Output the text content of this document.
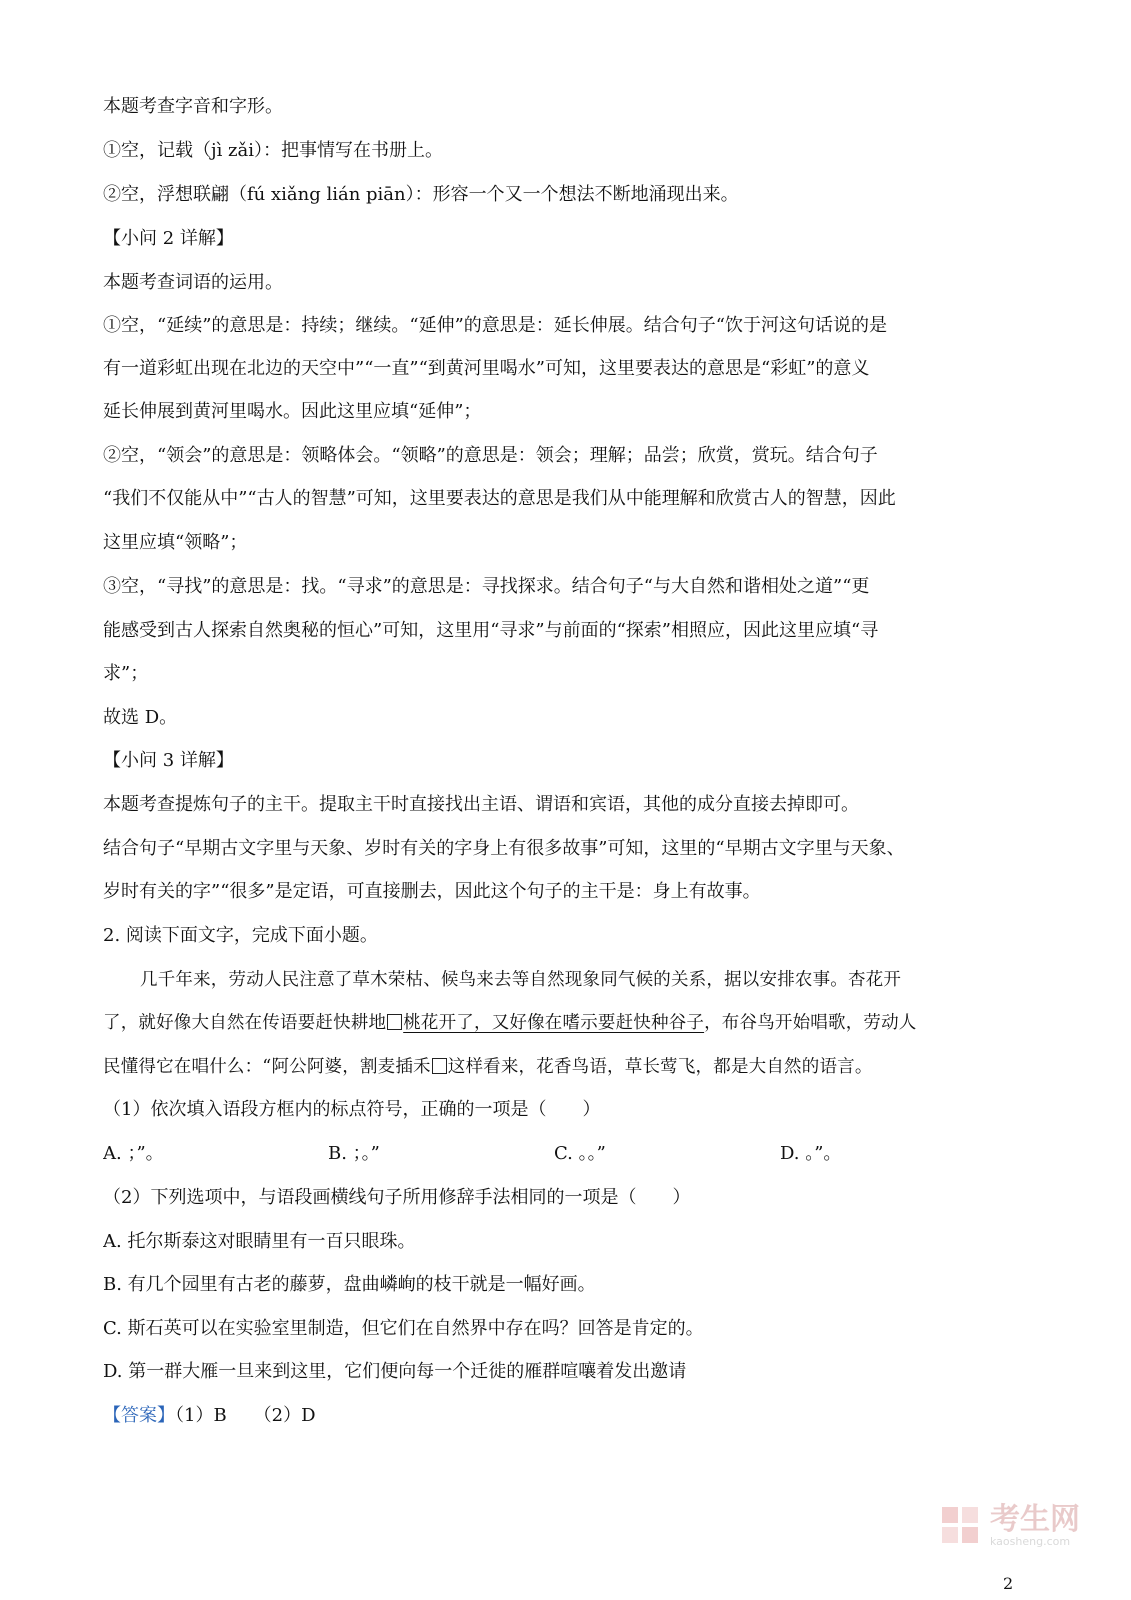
本题考查字音和字形。
①空，记载（jì zǎi）：把事情写在书册上。
②空，浮想联翩（fú xiǎng lián piān）：形容一个又一个想法不断地涌现出来。
【小问 2 详解】
本题考查词语的运用。
①空，“延续”的意思是：持续；继续。“延伸”的意思是：延长伸展。结合句子“饮于河这句话说的是
有一道彩虹出现在北边的天空中”“一直”“到黄河里喝水”可知，这里要表达的意思是“彩虹”的意义
延长伸展到黄河里喝水。因此这里应填“延伸”；
②空，“领会”的意思是：领略体会。“领略”的意思是：领会；理解；品尝；欣赏，赏玩。结合句子
“我们不仅能从中”“古人的智慧”可知，这里要表达的意思是我们从中能理解和欣赏古人的智慧，因此
这里应填“领略”；
③空，“寻找”的意思是：找。“寻求”的意思是：寻找探求。结合句子“与大自然和谐相处之道”“更
能感受到古人探索自然奥秘的恒心”可知，这里用“寻求”与前面的“探索”相照应，因此这里应填“寻
求”；
故选 D。
【小问 3 详解】
本题考查提炼句子的主干。提取主干时直接找出主语、谓语和宾语，其他的成分直接去掉即可。
结合句子“早期古文字里与天象、岁时有关的字身上有很多故事”可知，这里的“早期古文字里与天象、
岁时有关的字”“很多”是定语，可直接删去，因此这个句子的主干是：身上有故事。
2. 阅读下面文字，完成下面小题。
几千年来，劳动人民注意了草木荣枯、候鸟来去等自然现象同气候的关系，据以安排农事。杏花开
了，就好像大自然在传语要赶快耕地 桃花开了，又好像在嗜示要赶快种谷子，布谷鸟开始唱歌，劳动人
民懂得它在唱什么：“阿公阿婆，割麦插禾 这样看来，花香鸟语，草长莺飞，都是大自然的语言。
（1）依次填入语段方框内的标点符号，正确的一项是（　　）
A. ；”。	B. ；。”	C. 。。”	D. 。”。
（2）下列选项中，与语段画横线句子所用修辞手法相同的一项是（　　）
A. 托尔斯泰这对眼睛里有一百只眼珠。
B. 有几个园里有古老的藤萝，盘曲嶙峋的枝干就是一幅好画。
C. 斯石英可以在实验室里制造，但它们在自然界中存在吗？回答是肯定的。
D. 第一群大雁一旦来到这里，它们便向每一个迁徙的雁群喧嚷着发出邀请
【答案】（1）B　　（2）D
考生网
kaosheng.com
2
